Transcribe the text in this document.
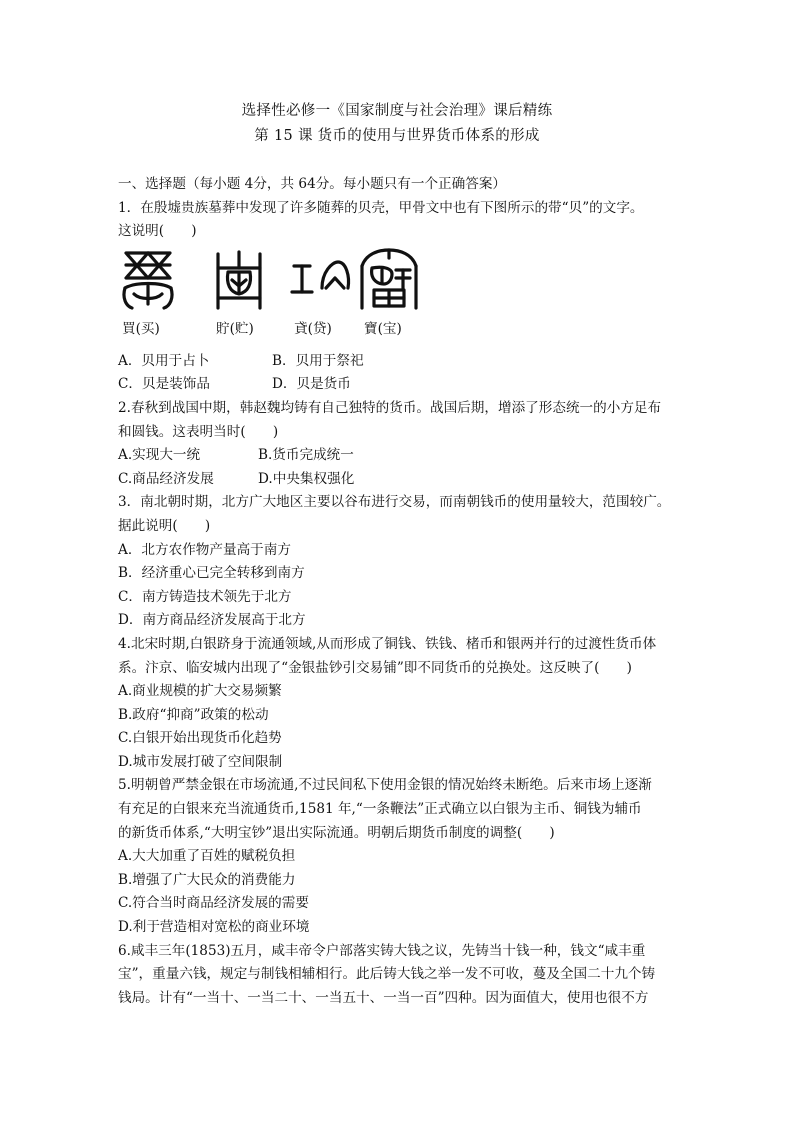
选择性必修一《国家制度与社会治理》课后精练
第 15 课 货币的使用与世界货币体系的形成

一、选择题（每小题 4分，共 64分。每小题只有一个正确答案）

1．在殷墟贵族墓葬中发现了许多随葬的贝壳，甲骨文中也有下图所示的带“贝”的文字。

这说明(　　)

買(买)	貯(贮)	貣(贷) 寶(宝)
A．贝用于占卜	B．贝用于祭祀
C．贝是装饰品	D．贝是货币

2.春秋到战国中期，韩赵魏均铸有自己独特的货币。战国后期，增添了形态统一的小方足布

和圆钱。这表明当时(　　)

A.实现大一统	B.货币完成统一
C.商品经济发展	D.中央集权强化

3．南北朝时期，北方广大地区主要以谷布进行交易，而南朝钱币的使用量较大，范围较广。

据此说明(　　)

A．北方农作物产量高于南方

B．经济重心已完全转移到南方

C．南方铸造技术领先于北方

D．南方商品经济发展高于北方

4.北宋时期,白银跻身于流通领域,从而形成了铜钱、铁钱、楮币和银两并行的过渡性货币体

系。汴京、临安城内出现了“金银盐钞引交易铺”即不同货币的兑换处。这反映了(　　)

A.商业规模的扩大交易频繁

B.政府“抑商”政策的松动

C.白银开始出现货币化趋势

D.城市发展打破了空间限制

5.明朝曾严禁金银在市场流通,不过民间私下使用金银的情况始终未断绝。后来市场上逐渐

有充足的白银来充当流通货币,1581 年,“一条鞭法”正式确立以白银为主币、铜钱为辅币

的新货币体系,“大明宝钞”退出实际流通。明朝后期货币制度的调整(　　)

A.大大加重了百姓的赋税负担

B.增强了广大民众的消费能力

C.符合当时商品经济发展的需要

D.利于营造相对宽松的商业环境

6.咸丰三年(1853)五月，咸丰帝令户部落实铸大钱之议，先铸当十钱一种，钱文“咸丰重

宝”，重量六钱，规定与制钱相辅相行。此后铸大钱之举一发不可收，蔓及全国二十九个铸

钱局。计有“一当十、一当二十、一当五十、一当一百”四种。因为面值大，使用也很不方
